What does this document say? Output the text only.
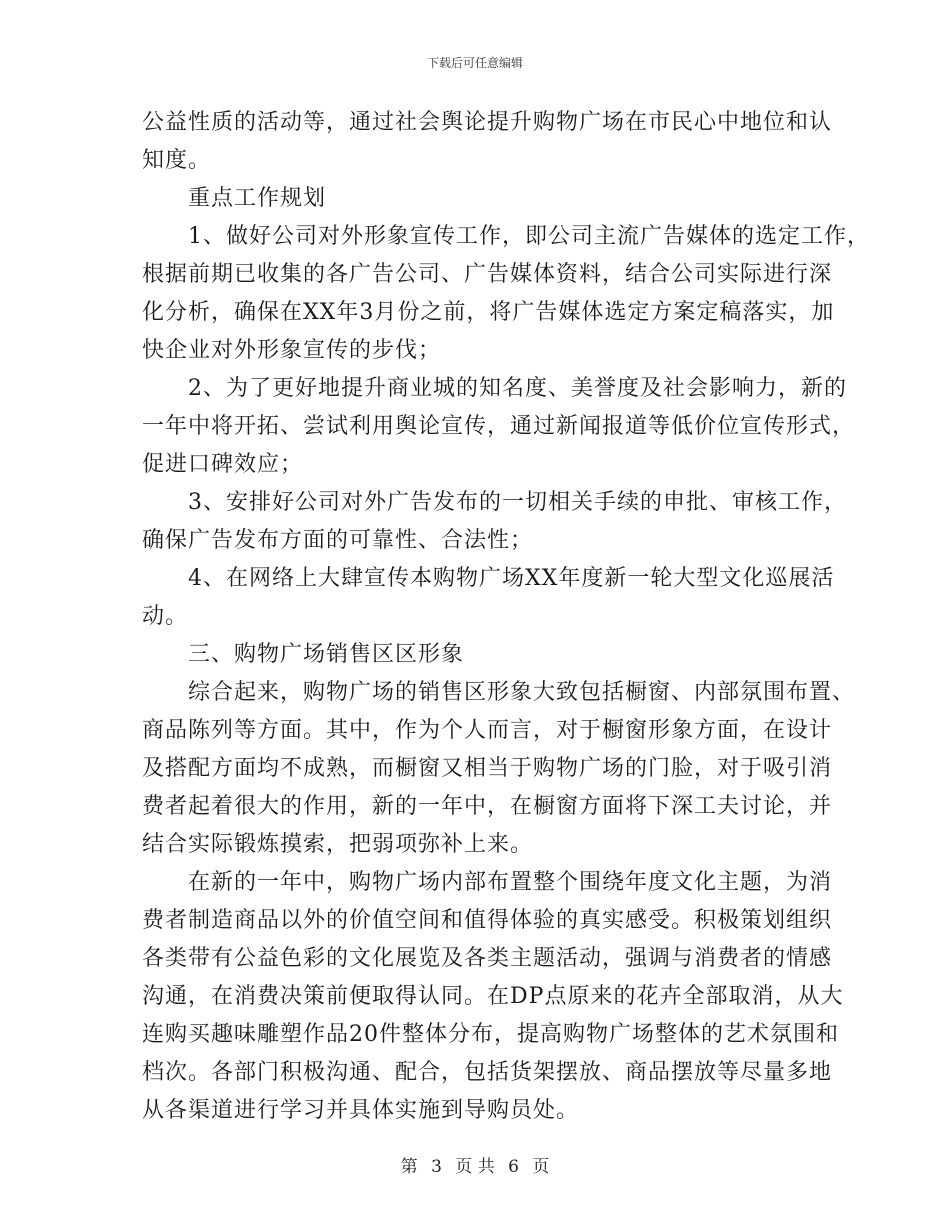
下载后可任意编辑
公益性质的活动等，通过社会舆论提升购物广场在市民心中地位和认
知度。
重点工作规划
1、做好公司对外形象宣传工作，即公司主流广告媒体的选定工作，
根据前期已收集的各广告公司、广告媒体资料，结合公司实际进行深
化分析，确保在XX年3月份之前，将广告媒体选定方案定稿落实，加
快企业对外形象宣传的步伐；
2、为了更好地提升商业城的知名度、美誉度及社会影响力，新的
一年中将开拓、尝试利用舆论宣传，通过新闻报道等低价位宣传形式，
促进口碑效应；
3、安排好公司对外广告发布的一切相关手续的申批、审核工作，
确保广告发布方面的可靠性、合法性；
4、在网络上大肆宣传本购物广场XX年度新一轮大型文化巡展活
动。
三、购物广场销售区区形象
综合起来，购物广场的销售区形象大致包括橱窗、内部氛围布置、
商品陈列等方面。其中，作为个人而言，对于橱窗形象方面，在设计
及搭配方面均不成熟，而橱窗又相当于购物广场的门脸，对于吸引消
费者起着很大的作用，新的一年中，在橱窗方面将下深工夫讨论，并
结合实际锻炼摸索，把弱项弥补上来。
在新的一年中，购物广场内部布置整个围绕年度文化主题，为消
费者制造商品以外的价值空间和值得体验的真实感受。积极策划组织
各类带有公益色彩的文化展览及各类主题活动，强调与消费者的情感
沟通，在消费决策前便取得认同。在DP点原来的花卉全部取消，从大
连购买趣味雕塑作品20件整体分布，提高购物广场整体的艺术氛围和
档次。各部门积极沟通、配合，包括货架摆放、商品摆放等尽量多地
从各渠道进行学习并具体实施到导购员处。
第 3 页 共 6 页
